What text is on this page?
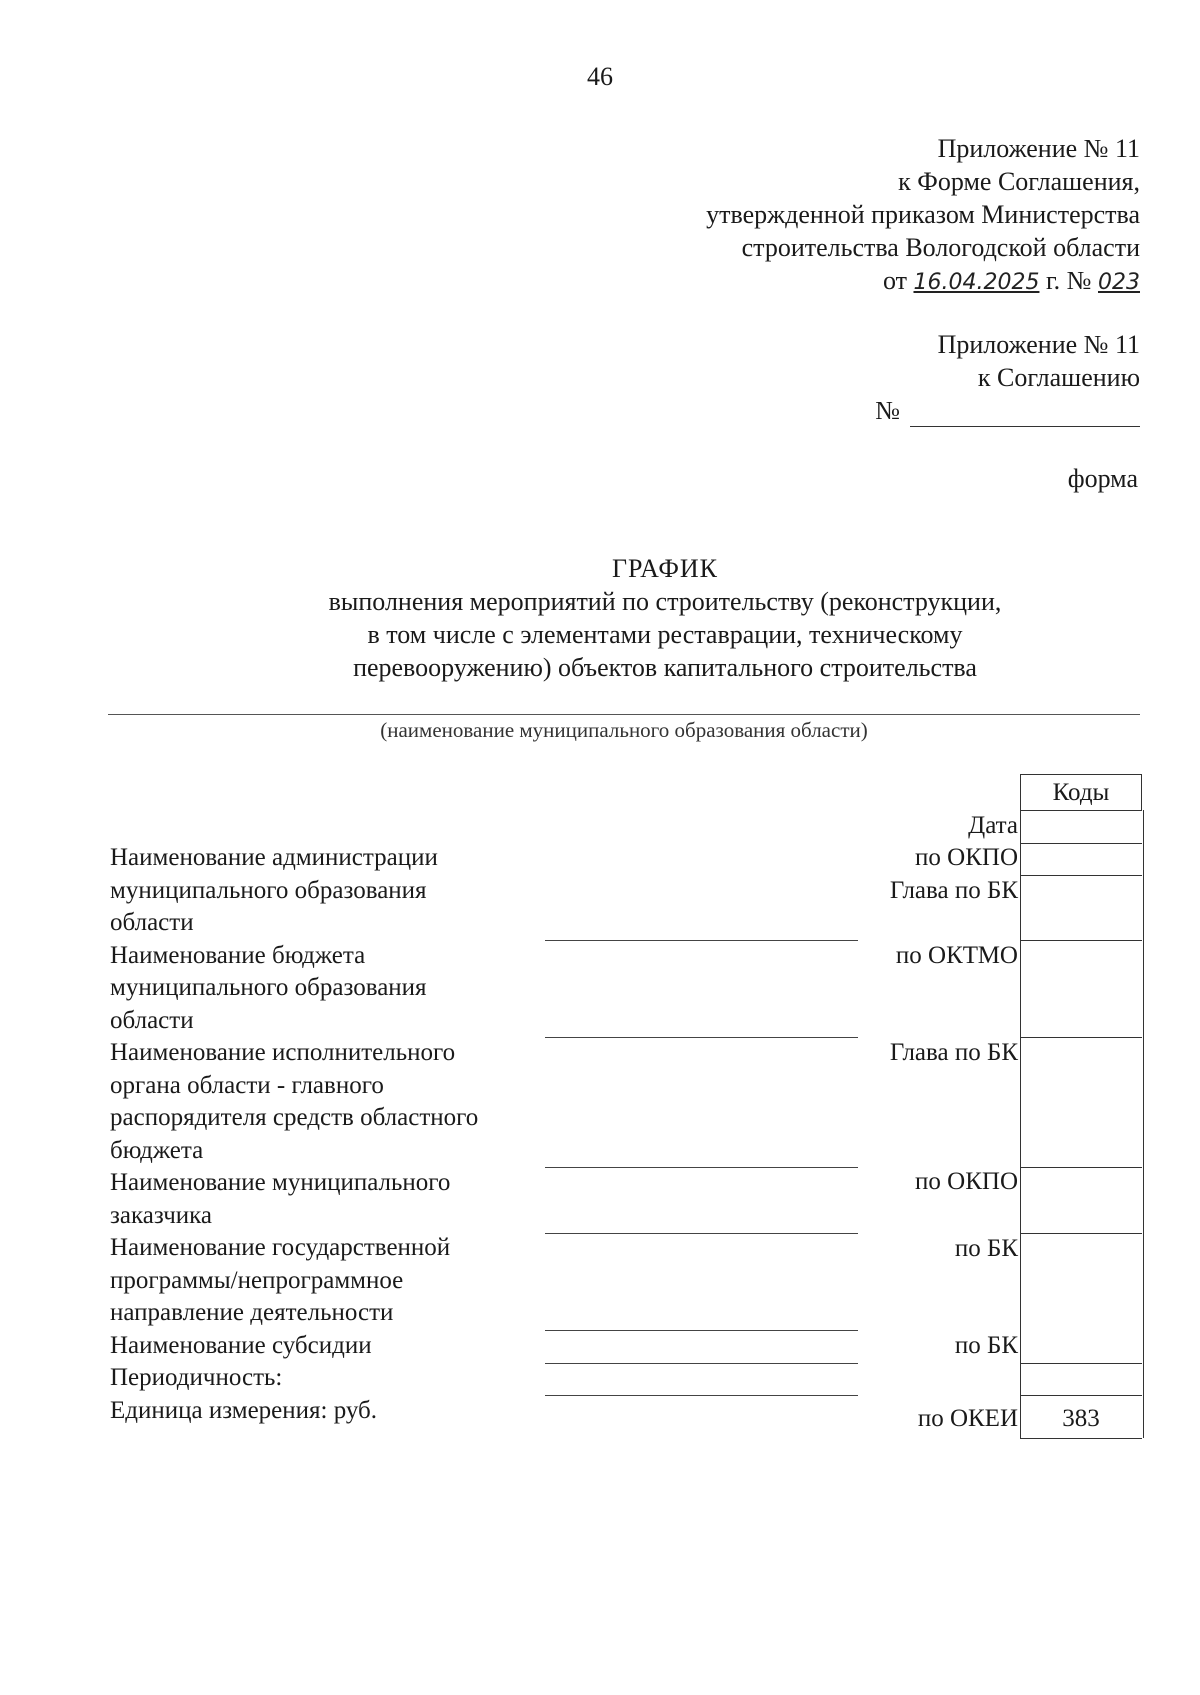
46
Приложение № 11
к Форме Соглашения,
утвержденной приказом Министерства
строительства Вологодской области
от 16.04.2025 г. № 023
Приложение № 11
к Соглашению
№
форма
ГРАФИК
выполнения мероприятий по строительству (реконструкции,
в том числе с элементами реставрации, техническому
перевооружению) объектов капитального строительства
(наименование муниципального образования области)
Наименование администрации
муниципального образования
области
Наименование бюджета
муниципального образования
области
Наименование исполнительного
органа области - главного
распорядителя средств областного
бюджета
Наименование муниципального
заказчика
Наименование государственной
программы/непрограммное
направление деятельности
Наименование субсидии
Периодичность:
Единица измерения: руб.
Дата
по ОКПО
Глава по БК
по ОКТМО
Глава по БК
по ОКПО
по БК
по БК
по ОКЕИ
Коды
383
